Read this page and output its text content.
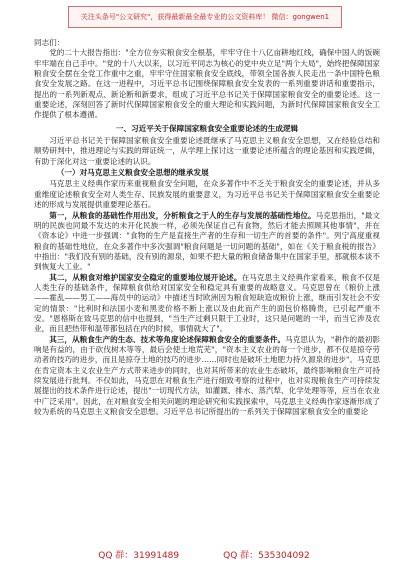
关注头条号"公文研究"，获得最新最全最专业的公文资料库！ 微信：gongwen1

同志们：

党的二十大报告指出："全方位夯实粮食安全根基，牢牢守住十八亿亩耕地红线，确保中国人的饭碗牢牢端在自己手中。"党的十八大以来，以习近平同志为核心的党中央立足"两个大局"，始终把保障国家粮食安全摆在全党工作重中之重，牢牢守住国家粮食安全底线，带领全国各族人民走出一条中国特色粮食安全发展之路。在这一进程中，习近平总书记围绕保障粮食安全发表的一系列重要讲话和重要指示，提出的一系列新观点、新论断和新要求，组成了习近平总书记关于保障国家粮食安全的重要论述。这一重要论述，深刻回答了新时代保障国家粮食安全的重大理论和实践问题，为新时代保障国家粮食安全工作提供了根本遵循。

一、习近平关于保障国家粮食安全重要论述的生成逻辑

习近平总书记关于保障国家粮食安全重要论述既继承了马克思主义粮食安全思想，又在经验总结和顺势研判中，推进理论与实践的辩证统一，从学理上探讨这一重要论述所蕴含的理论基因和实践逻辑，有助于深化对这一重要论述的认识。

（一）对马克思主义粮食安全思想的继承发展

马克思主义经典作家历来重视粮食安全问题，在众多著作中不乏关于粮食安全的重要论述，并从多重维度论述粮食安全对人类生存、民族发展的重要意义，为习近平总书记关于保障国家粮食安全重要论述的形成与发展提供重要理论基石。

第一，从粮食的基础性作用出发，分析粮食之于人的生存与发展的基础性地位。马克思指出，"最文明的民族也同最不发达的未开化民族一样，必须先保证自己有食物，然后才能去照顾其他事情"，并在《资本论》中进一步强调："食物的生产是直接生产者的生存和一切生产的首要的条件"。列宁高度重视粮食的基础性地位，在众多著作中多次强调"粮食问题是一切问题的基础"，如在《关于粮食税的报告》中指出："我们没有别的基础，没有别的源泉，如果不把大量的粮食储备集中在国家手里，那就根本谈不到恢复大工业。"

其二，从粮食对维护国家安全稳定的重要地位展开论述。在马克思主义经典作家看来，粮食不仅是人类生存的基础条件，保障粮食供给对国家安全和稳定具有重要的战略意义。马克思曾在《粮价上涨——霍乱——男工——海员中的运动》中描述当时欧洲因为粮食短缺造成粮价上涨，继而引发社会不安定的情景："比利时和法国小麦和黑麦价格不断上涨以及由此而产生的面包价格腾贵，已引起严重不安。"恩格斯在致马克思的信中也提到，"当生产过剩只限于工业时，这只是问题的一半，而当它涉及农业，而且把热带和温带都包括在内的时候，事情就大了"。

其三，从粮食生产的生态、技术等角度论述保障粮食安全的重要条件。马克思认为，"耕作的最初影响是有益的，由于砍伐树木等等，最后会使土地荒芜"，"资本主义农业的每一个进步，都不仅是掠夺劳动者的技巧的进步，而且是掠夺土地的技巧的进步……同时也是破坏土地肥力持久源泉的进步"。马克思在肯定资本主义农业生产方式带来进步的同时，也对其所带来的农业生态破坏，最终影响粮食生产可持续发展进行批判。不仅如此，马克思在对粮食生产进行细致考察的过程中，也对实现粮食生产可持续发展提出的技术条件进行论述，提出"一切现代方法，如灌溉、排水、蒸汽犁、化学处理等等，应当在农业中广泛采用"。因此，在对粮食安全相关问题的理论研究和实践探索中，马克思主义经典作家逐渐形成了较为系统的马克思主义粮食安全思想。习近平总书记所提出的一系列关于保障国家粮食安全的重要论

QQ 群：31991489	QQ 群：535304092
